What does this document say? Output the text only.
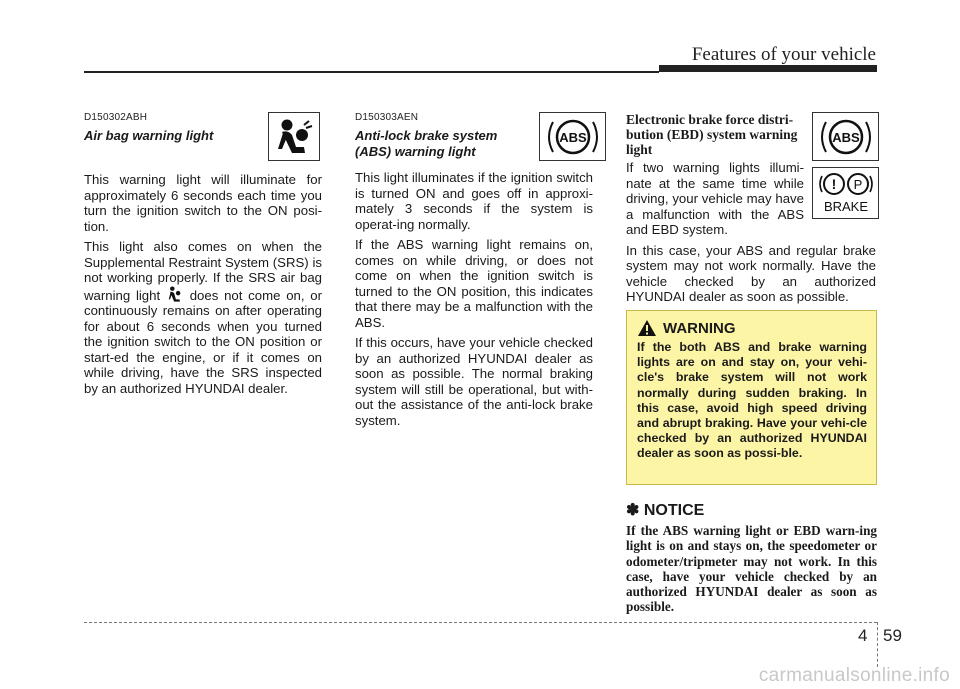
Features of your vehicle
D150302ABH
Air bag warning light

This warning light will illuminate for approximately 6 seconds each time you turn the ignition switch to the ON posi-tion.

This light also comes on when the Supplemental Restraint System (SRS) is not working properly. If the SRS air bag warning light does not come on, or continuously remains on after operating for about 6 seconds when you turned the ignition switch to the ON position or start-ed the engine, or if it comes on while driving, have the SRS inspected by an authorized HYUNDAI dealer.

D150303AEN
Anti-lock brake system
(ABS) warning light

This light illuminates if the ignition switch is turned ON and goes off in approxi-mately 3 seconds if the system is operat-ing normally.

If the ABS warning light remains on, comes on while driving, or does not come on when the ignition switch is turned to the ON position, this indicates that there may be a malfunction with the ABS.

If this occurs, have your vehicle checked by an authorized HYUNDAI dealer as soon as possible. The normal braking system will still be operational, but with-out the assistance of the anti-lock brake system.

ABS
Electronic brake force distri-
bution (EBD) system warning
light

If two warning lights illumi-nate at the same time while driving, your vehicle may have a malfunction with the ABS and EBD system.

In this case, your ABS and regular brake system may not work normally. Have the vehicle checked by an authorized HYUNDAI dealer as soon as possible.

ABS
! P
BRAKE
WARNING
If the both ABS and brake warning lights are on and stay on, your vehi-cle's brake system will not work normally during sudden braking. In this case, avoid high speed driving and abrupt braking. Have your vehi-cle checked by an authorized HYUNDAI dealer as soon as possi-ble.
✽ NOTICE
If the ABS warning light or EBD warn-ing light is on and stays on, the speedometer or odometer/tripmeter may not work. In this case, have your vehicle checked by an authorized HYUNDAI dealer as soon as possible.
4 59
carmanualsonline.info
